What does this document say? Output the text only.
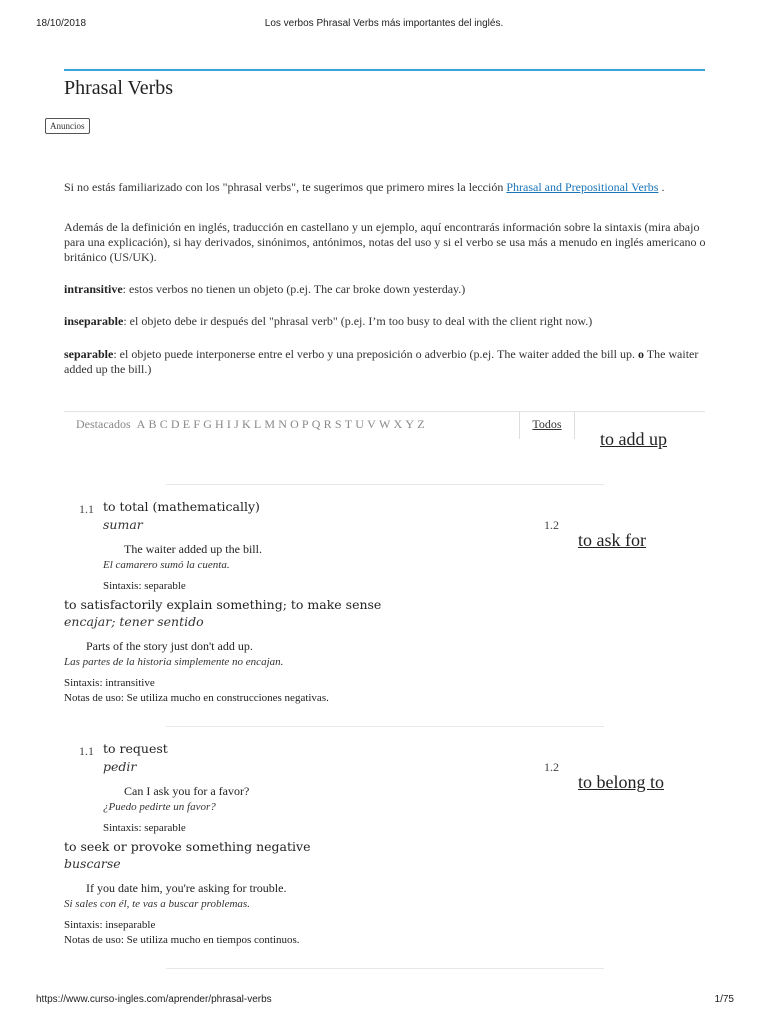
18/10/2018	Los verbos Phrasal Verbs más importantes del inglés.
Phrasal Verbs
Anuncios

Si no estás familiarizado con los "phrasal verbs", te sugerimos que primero mires la lección Phrasal and Prepositional Verbs .

Además de la definición en inglés, traducción en castellano y un ejemplo, aquí encontrarás información sobre la sintaxis (mira abajo para una explicación), si hay derivados, sinónimos, antónimos, notas del uso y si el verbo se usa más a menudo en inglés americano o británico (US/UK).

intransitive: estos verbos no tienen un objeto (p.ej. The car broke down yesterday.)

inseparable: el objeto debe ir después del "phrasal verb" (p.ej. I’m too busy to deal with the client right now.)

separable: el objeto puede interponerse entre el verbo y una preposición o adverbio (p.ej. The waiter added the bill up. o The waiter added up the bill.)

Destacados A B C D E F G H I J K L M N O P Q R S T U V W X Y Z	Todos
to add up
1.1 to total (mathematically)
sumar	1.2
The waiter added up the bill.
El camarero sumó la cuenta.
Sintaxis: separable
to satisfactorily explain something; to make sense
encajar; tener sentido
Parts of the story just don't add up.
Las partes de la historia simplemente no encajan.
Sintaxis: intransitive
Notas de uso: Se utiliza mucho en construcciones negativas.
to ask for
1.1 to request
pedir	1.2
Can I ask you for a favor?
¿Puedo pedirte un favor?
Sintaxis: separable
to seek or provoke something negative
buscarse
If you date him, you're asking for trouble.
Si sales con él, te vas a buscar problemas.
Sintaxis: inseparable
Notas de uso: Se utiliza mucho en tiempos continuos.
to belong to
https://www.curso-ingles.com/aprender/phrasal-verbs	1/75
